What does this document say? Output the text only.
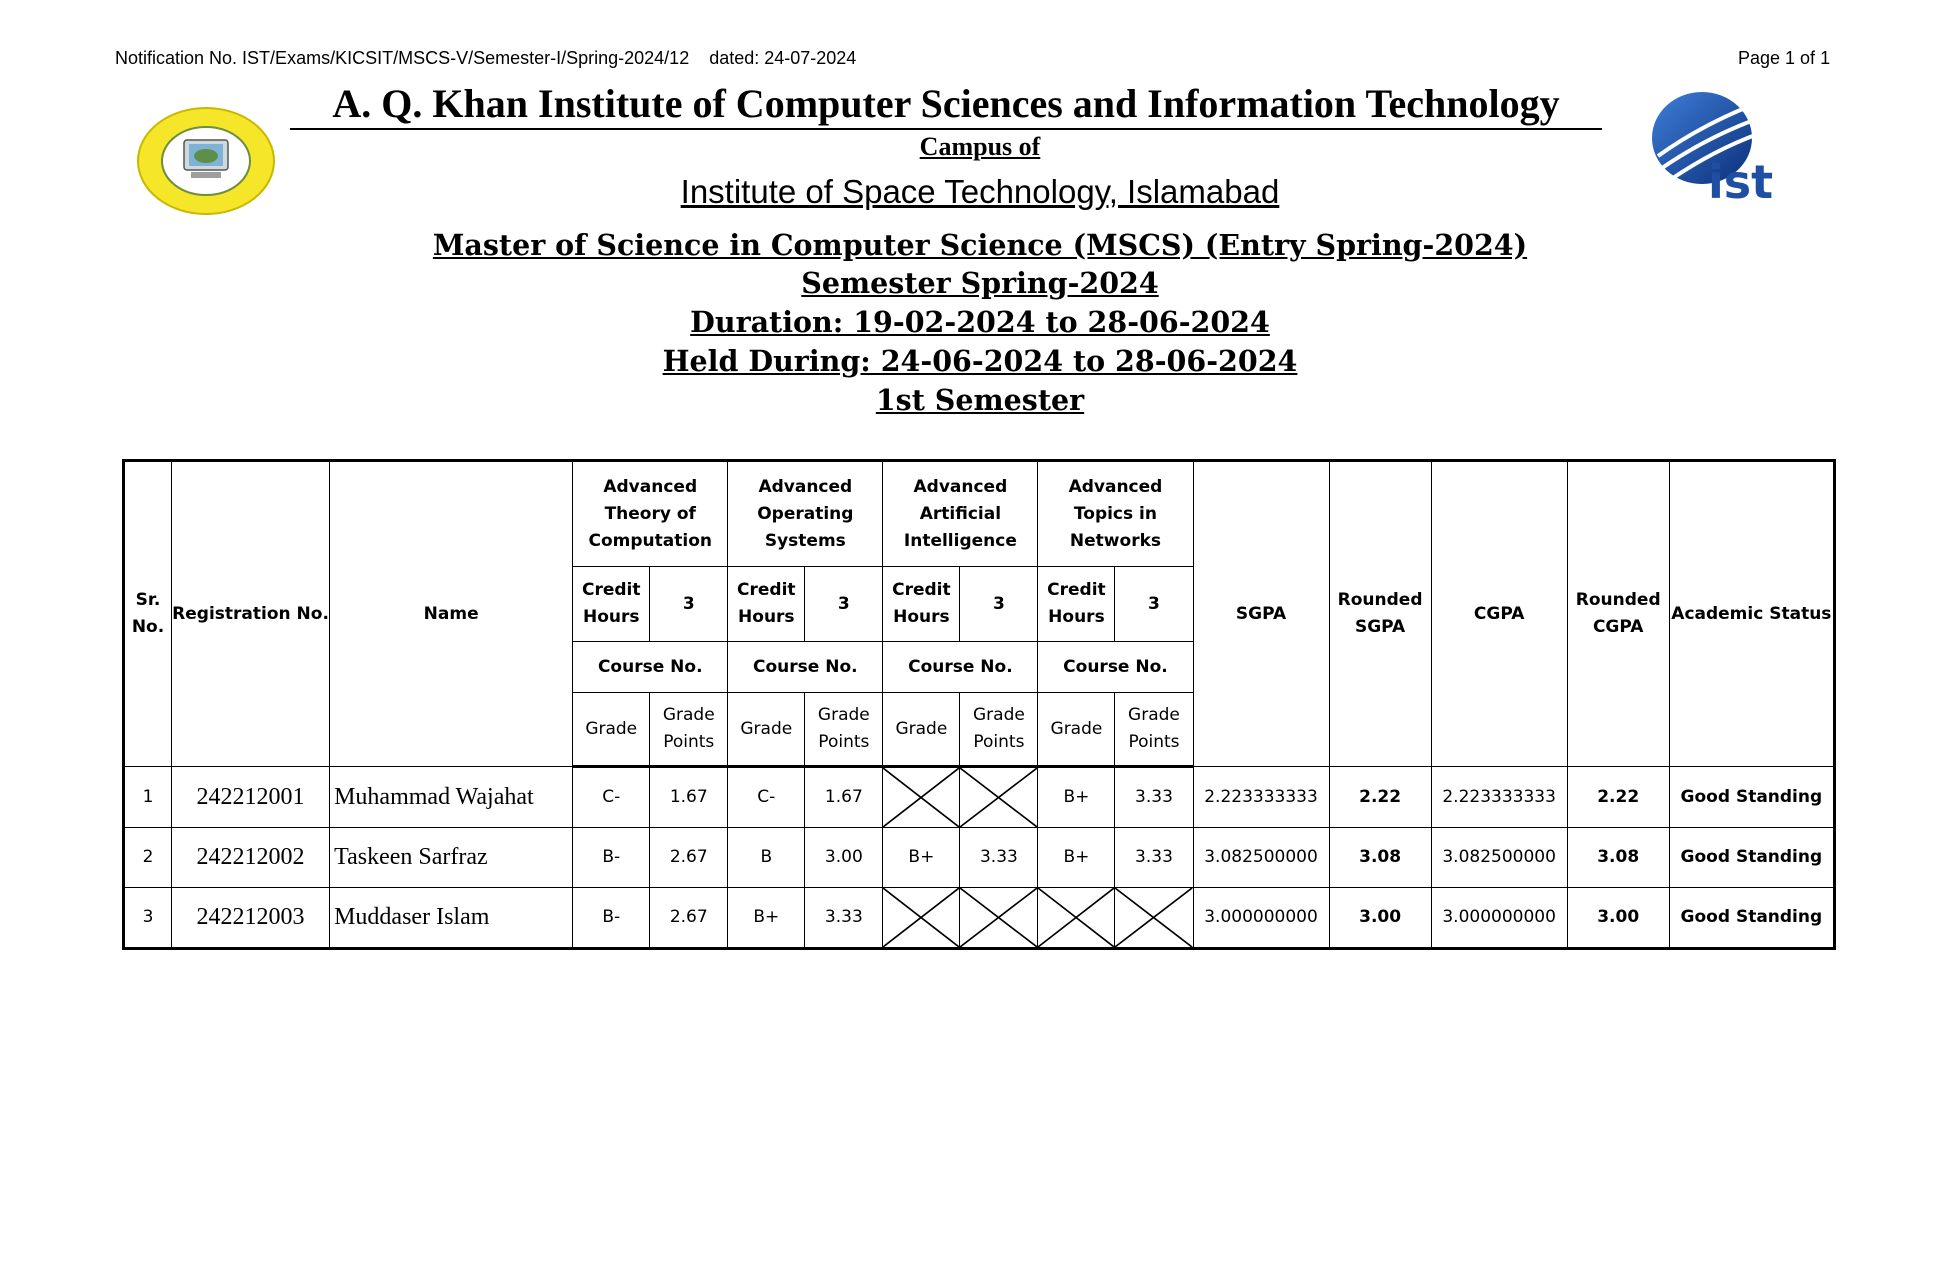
Notification No. IST/Exams/KICSIT/MSCS-V/Semester-I/Spring-2024/12    dated: 24-07-2024	Page 1 of 1
A. Q. Khan Institute of Computer Sciences and Information Technology
Campus of
Institute of Space Technology, Islamabad	ist
Master of Science in Computer Science (MSCS) (Entry Spring-2024)
Semester Spring-2024
Duration: 19-02-2024 to 28-06-2024
Held During: 24-06-2024 to 28-06-2024
1st Semester
Sr. No.	Registration No.	Name	Advanced Theory of Computation		Advanced Operating Systems		Advanced Artificial Intelligence		Advanced Topics in Networks		SGPA	Rounded SGPA	CGPA	Rounded CGPA	Academic Status
			Credit Hours	3	Credit Hours	3	Credit Hours	3	Credit Hours	3					
			Course No.		Course No.		Course No.		Course No.						
			Grade	Grade Points	Grade	Grade Points	Grade	Grade Points	Grade	Grade Points					
1	242212001	Muhammad Wajahat	C-	1.67	C-	1.67			B+	3.33	2.223333333	2.22	2.223333333	2.22	Good Standing
2	242212002	Taskeen Sarfraz	B-	2.67	B	3.00	B+	3.33	B+	3.33	3.082500000	3.08	3.082500000	3.08	Good Standing
3	242212003	Muddaser Islam	B-	2.67	B+	3.33					3.000000000	3.00	3.000000000	3.00	Good Standing
